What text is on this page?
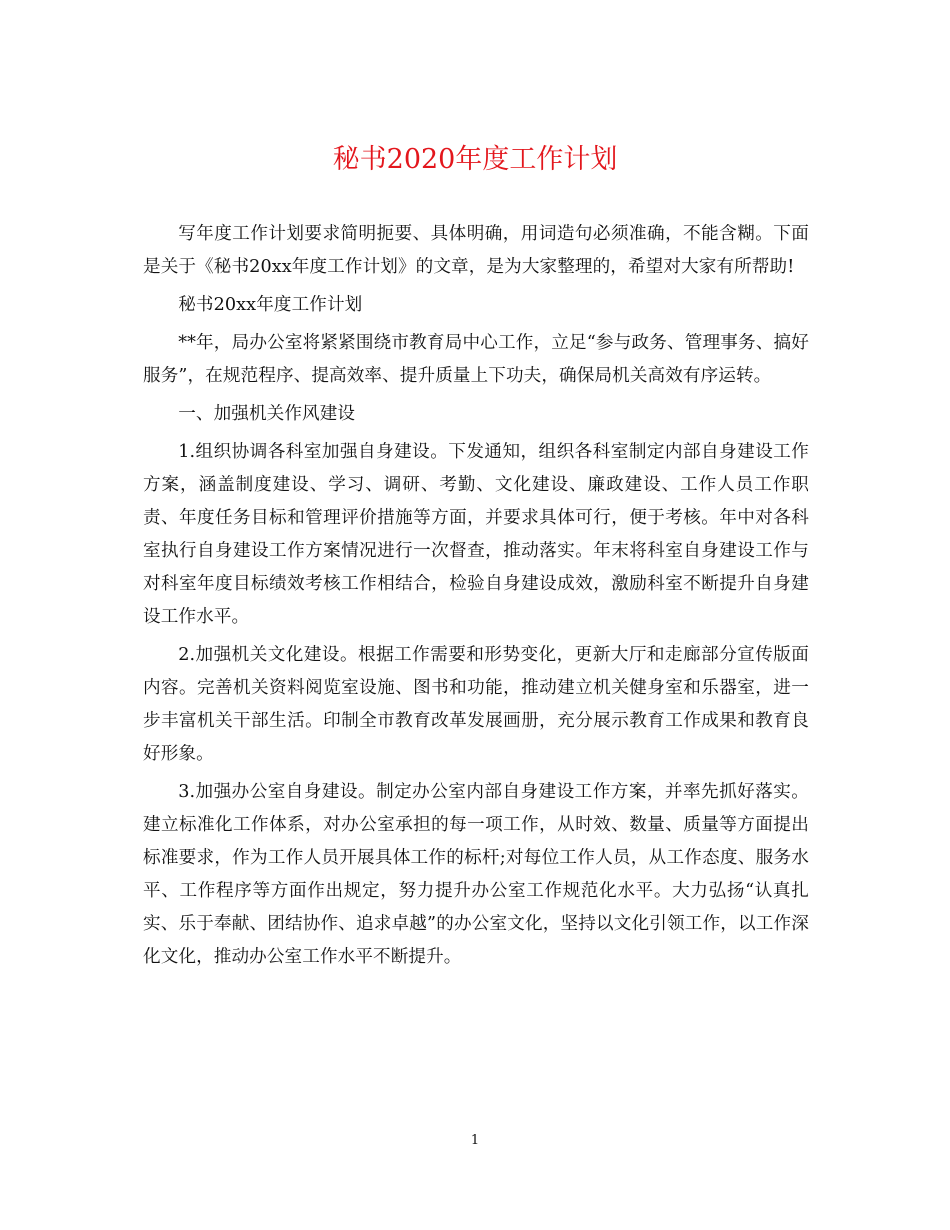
秘书2020年度工作计划

写年度工作计划要求简明扼要、具体明确，用词造句必须准确，不能含糊。下面是关于《秘书20xx年度工作计划》的文章，是为大家整理的，希望对大家有所帮助!

秘书20xx年度工作计划

**年，局办公室将紧紧围绕市教育局中心工作，立足“参与政务、管理事务、搞好服务”，在规范程序、提高效率、提升质量上下功夫，确保局机关高效有序运转。

一、加强机关作风建设

1.组织协调各科室加强自身建设。下发通知，组织各科室制定内部自身建设工作方案，涵盖制度建设、学习、调研、考勤、文化建设、廉政建设、工作人员工作职责、年度任务目标和管理评价措施等方面，并要求具体可行，便于考核。年中对各科室执行自身建设工作方案情况进行一次督查，推动落实。年末将科室自身建设工作与对科室年度目标绩效考核工作相结合，检验自身建设成效，激励科室不断提升自身建设工作水平。

2.加强机关文化建设。根据工作需要和形势变化，更新大厅和走廊部分宣传版面内容。完善机关资料阅览室设施、图书和功能，推动建立机关健身室和乐器室，进一步丰富机关干部生活。印制全市教育改革发展画册，充分展示教育工作成果和教育良好形象。

3.加强办公室自身建设。制定办公室内部自身建设工作方案，并率先抓好落实。建立标准化工作体系，对办公室承担的每一项工作，从时效、数量、质量等方面提出标准要求，作为工作人员开展具体工作的标杆;对每位工作人员，从工作态度、服务水平、工作程序等方面作出规定，努力提升办公室工作规范化水平。大力弘扬“认真扎实、乐于奉献、团结协作、追求卓越”的办公室文化，坚持以文化引领工作，以工作深化文化，推动办公室工作水平不断提升。

1
